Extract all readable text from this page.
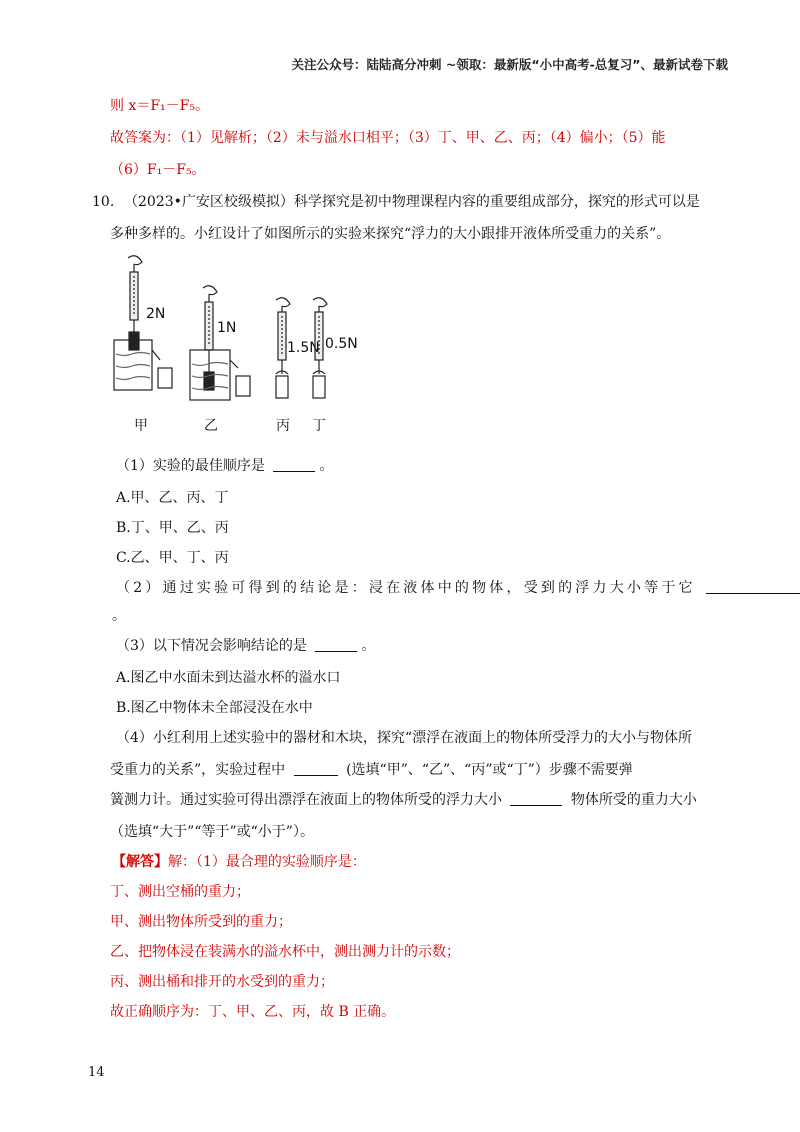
关注公众号：陆陆高分冲刺 ~领取：最新版“小中高考-总复习”、最新试卷下载
则 x＝F₁－F₅。
故答案为：（1）见解析；（2）未与溢水口相平；（3）丁、甲、乙、丙；（4）偏小；（5）能
（6）F₁－F₅。
10. （2023•广安区校级模拟）科学探究是初中物理课程内容的重要组成部分，探究的形式可以是
多种多样的。小红设计了如图所示的实验来探究“浮力的大小跟排开液体所受重力的关系”。
2N
1N
1.5N 0.5N
甲	乙	丙 丁
（1）实验的最佳顺序是	。
A.甲、乙、丙、丁
B.丁、甲、乙、丙
C.乙、甲、丁、丙
（2）通过实验可得到的结论是：浸在液体中的物体，受到的浮力大小等于它
。
（3）以下情况会影响结论的是	。
A.图乙中水面未到达溢水杯的溢水口
B.图乙中物体未全部浸没在水中
（4）小红利用上述实验中的器材和木块，探究“漂浮在液面上的物体所受浮力的大小与物体所
受重力的关系”，实验过程中	(选填“甲”、“乙”、“丙”或“丁”）步骤不需要弹
簧测力计。通过实验可得出漂浮在液面上的物体所受的浮力大小	物体所受的重力大小
（选填“大于”“等于”或“小于”）。
【解答】解：（1）最合理的实验顺序是：
丁、测出空桶的重力；
甲、测出物体所受到的重力；
乙、把物体浸在装满水的溢水杯中，测出测力计的示数；
丙、测出桶和排开的水受到的重力；
故正确顺序为：丁、甲、乙、丙，故 B 正确。
14
